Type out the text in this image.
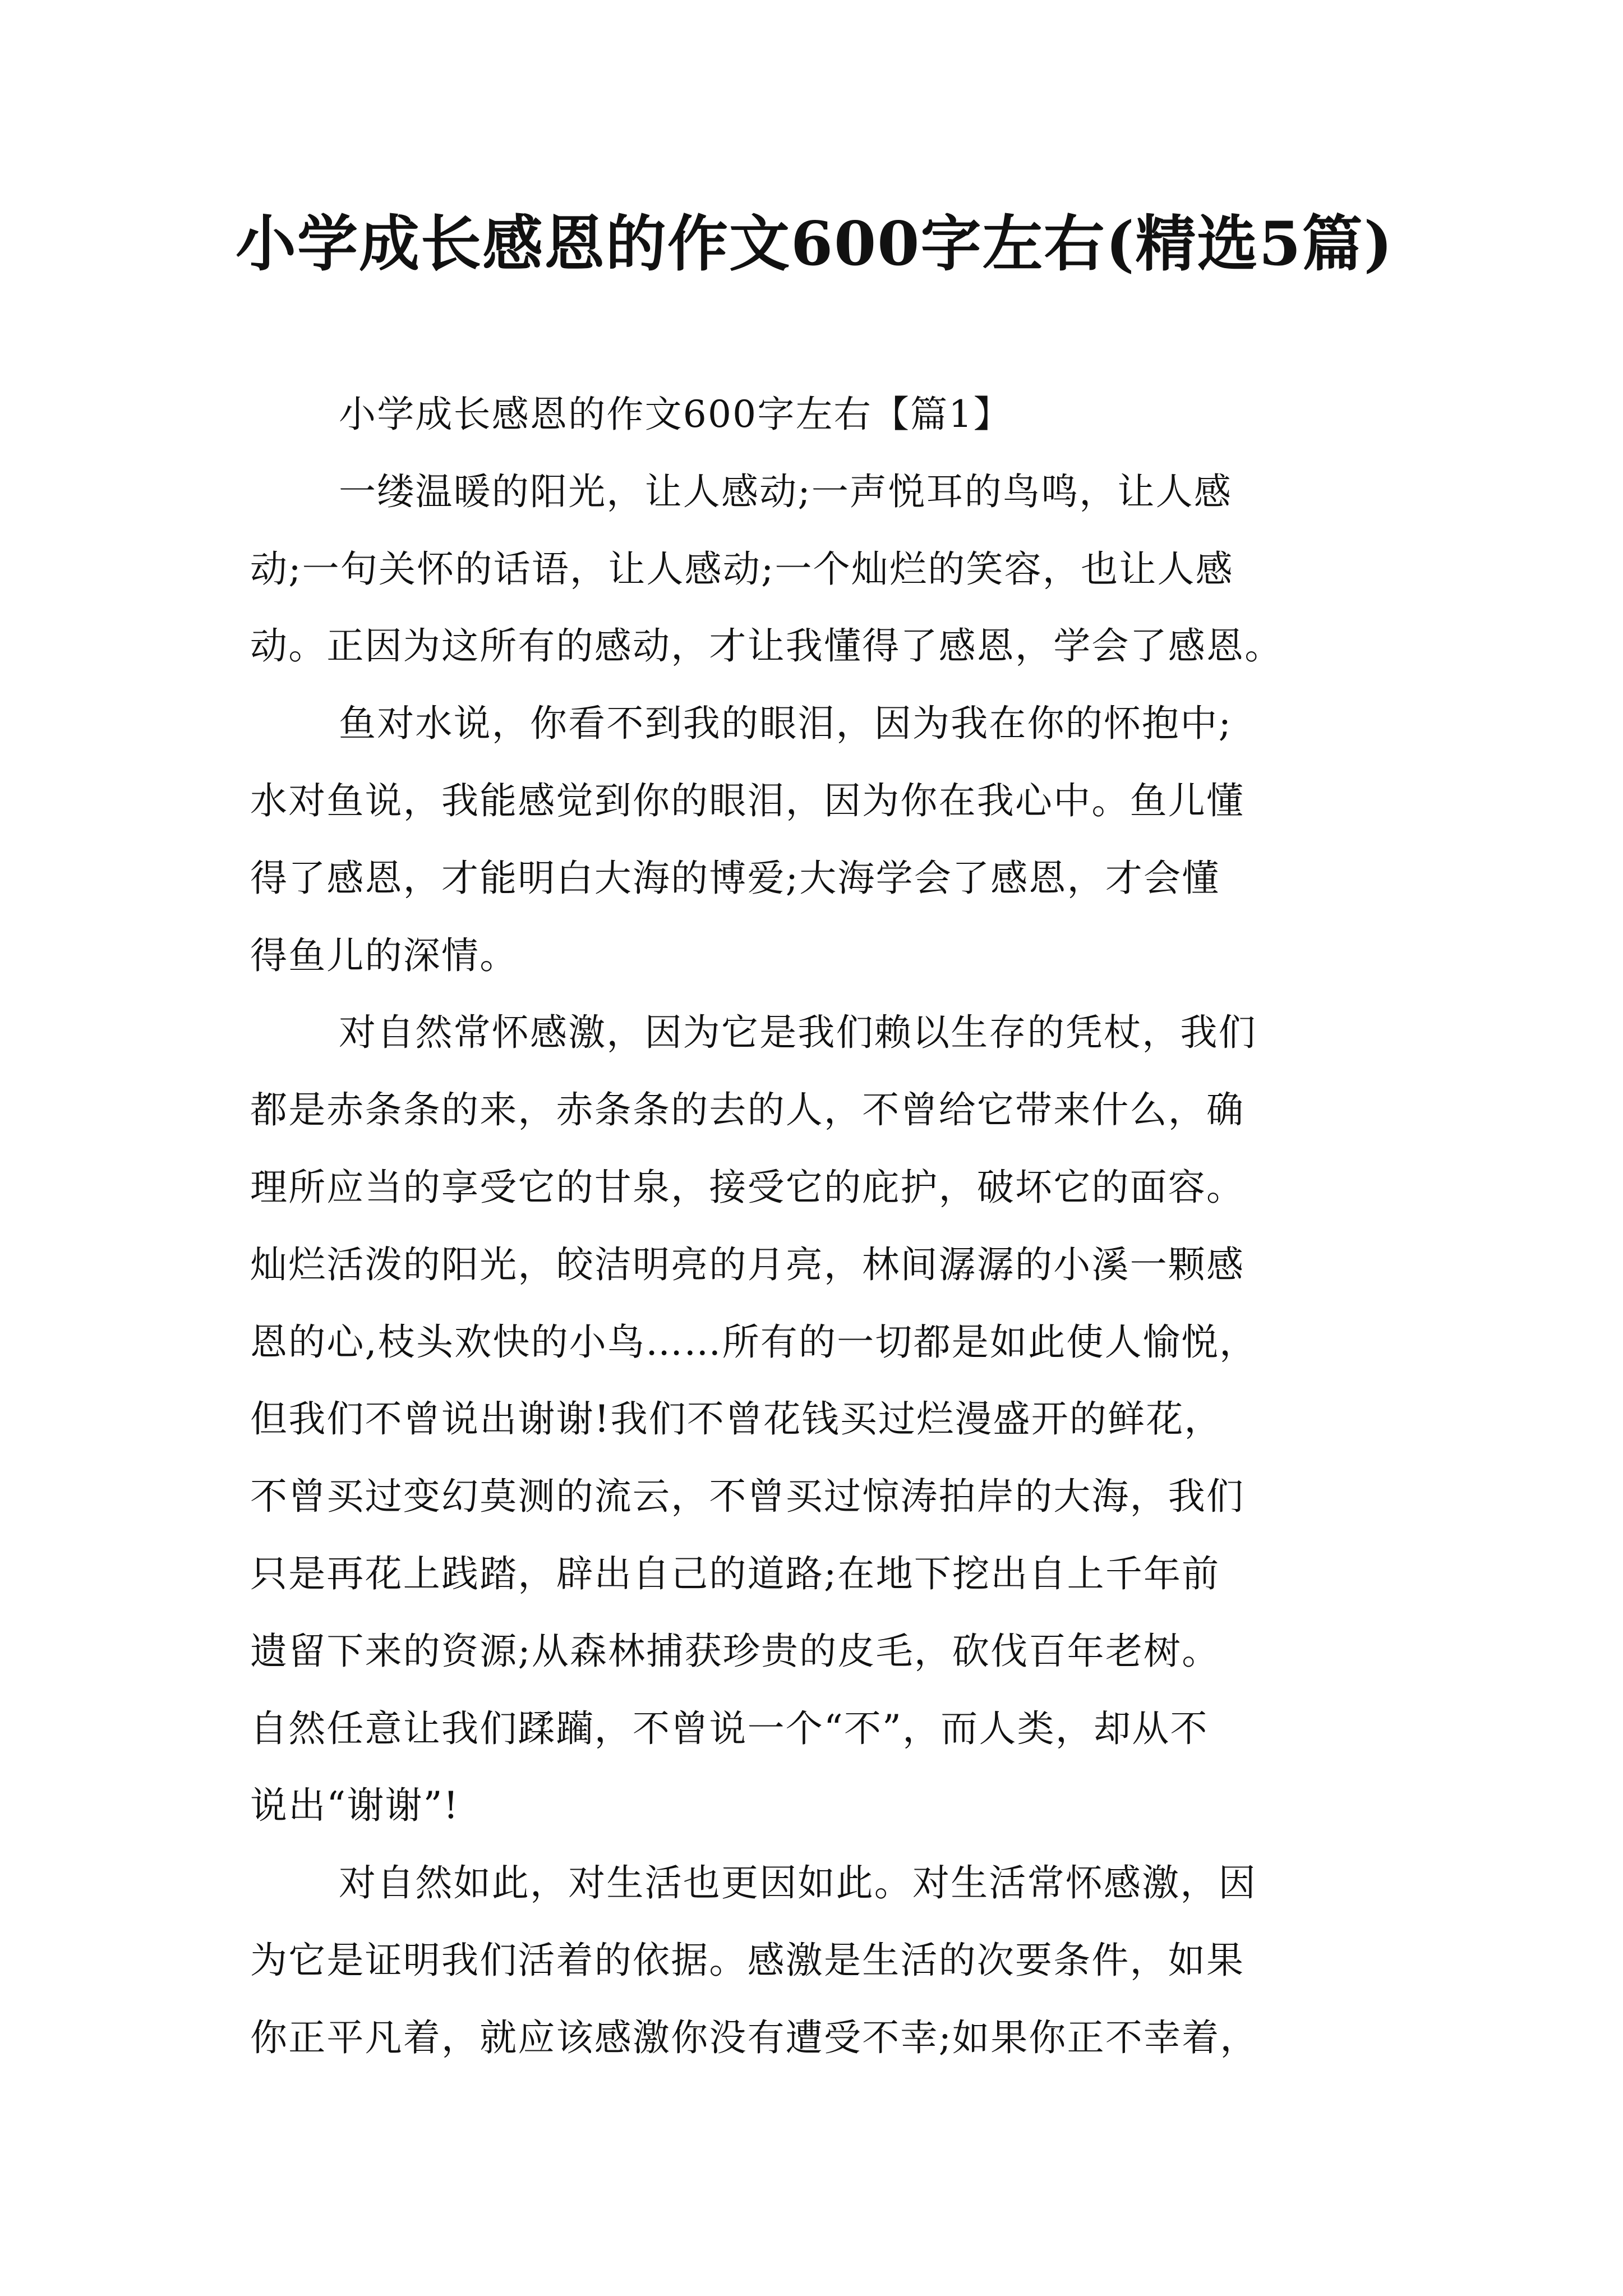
小学成长感恩的作文600字左右(精选5篇)

小学成长感恩的作文600字左右【篇1】

一缕温暖的阳光，让人感动;一声悦耳的鸟鸣，让人感
动;一句关怀的话语，让人感动;一个灿烂的笑容，也让人感
动。正因为这所有的感动，才让我懂得了感恩，学会了感恩。

鱼对水说，你看不到我的眼泪，因为我在你的怀抱中;
水对鱼说，我能感觉到你的眼泪，因为你在我心中。鱼儿懂
得了感恩，才能明白大海的博爱;大海学会了感恩，才会懂
得鱼儿的深情。

对自然常怀感激，因为它是我们赖以生存的凭杖，我们
都是赤条条的来，赤条条的去的人，不曾给它带来什么，确
理所应当的享受它的甘泉，接受它的庇护，破坏它的面容。
灿烂活泼的阳光，皎洁明亮的月亮，林间潺潺的小溪一颗感
恩的心,枝头欢快的小鸟……所有的一切都是如此使人愉悦，
但我们不曾说出谢谢!我们不曾花钱买过烂漫盛开的鲜花，
不曾买过变幻莫测的流云，不曾买过惊涛拍岸的大海，我们
只是再花上践踏，辟出自己的道路;在地下挖出自上千年前
遗留下来的资源;从森林捕获珍贵的皮毛，砍伐百年老树。
自然任意让我们蹂躏，不曾说一个“不”，而人类，却从不
说出“谢谢”!

对自然如此，对生活也更因如此。对生活常怀感激，因
为它是证明我们活着的依据。感激是生活的次要条件，如果
你正平凡着，就应该感激你没有遭受不幸;如果你正不幸着，
